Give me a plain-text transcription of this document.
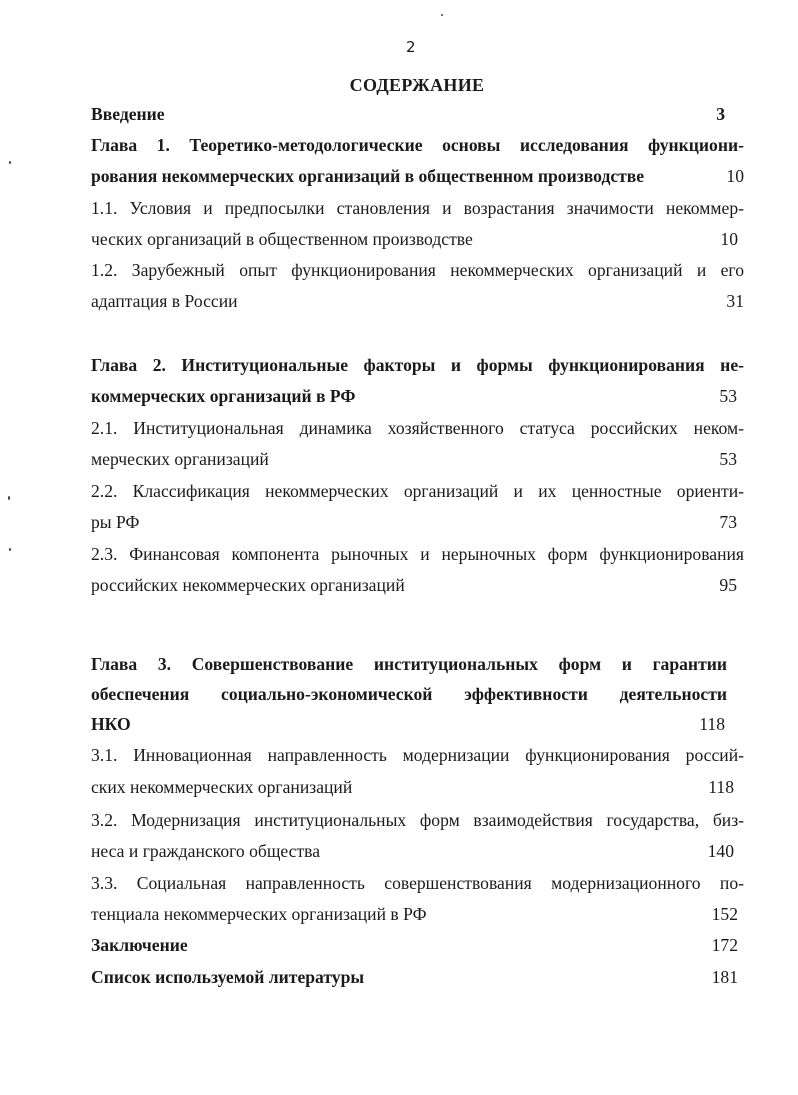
2
СОДЕРЖАНИЕ
Введение	3
Глава 1. Теоретико-методологические основы исследования функциони-
рования некоммерческих организаций в общественном производстве	10
1.1. Условия и предпосылки становления и возрастания значимости некоммер-
ческих организаций в общественном производстве	10
1.2. Зарубежный опыт функционирования некоммерческих организаций и его
адаптация в России	31
Глава 2. Институциональные факторы и формы функционирования не-
коммерческих организаций в РФ	53
2.1. Институциональная динамика хозяйственного статуса российских неком-
мерческих организаций	53
2.2. Классификация некоммерческих организаций и их ценностные ориенти-
ры РФ	73
2.3. Финансовая компонента рыночных и нерыночных форм функционирования
российских некоммерческих организаций	95
Глава 3. Совершенствование институциональных форм и гарантии
обеспечения социально-экономической эффективности деятельности
НКО	118
3.1. Инновационная направленность модернизации функционирования россий-
ских некоммерческих организаций	118
3.2. Модернизация институциональных форм взаимодействия государства, биз-
неса и гражданского общества	140
3.3. Социальная направленность совершенствования модернизационного по-
тенциала некоммерческих организаций в РФ	152
Заключение	172
Список используемой литературы	181
